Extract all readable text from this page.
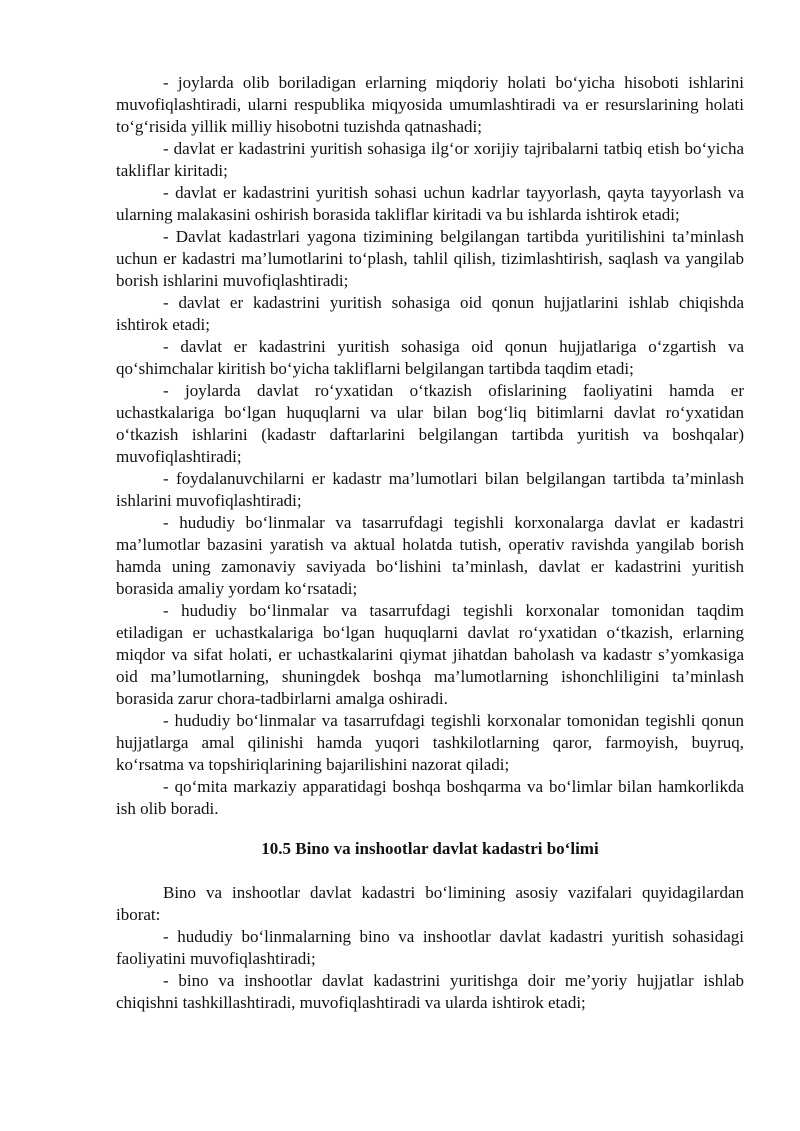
- joylarda olib boriladigan erlarning miqdoriy holati bo‘yicha hisoboti ishlarini muvofiqlashtiradi, ularni respublika miqyosida umumlashtiradi va er resurslarining holati to‘g‘risida yillik milliy hisobotni tuzishda qatnashadi;

- davlat er kadastrini yuritish sohasiga ilg‘or xorijiy tajribalarni tatbiq etish bo‘yicha takliflar kiritadi;

- davlat er kadastrini yuritish sohasi uchun kadrlar tayyorlash, qayta tayyorlash va ularning malakasini oshirish borasida takliflar kiritadi va bu ishlarda ishtirok etadi;

- Davlat kadastrlari yagona tizimining belgilangan tartibda yuritilishini ta’minlash uchun er kadastri ma’lumotlarini to‘plash, tahlil qilish, tizimlashtirish, saqlash va yangilab borish ishlarini muvofiqlashtiradi;

- davlat er kadastrini yuritish sohasiga oid qonun hujjatlarini ishlab chiqishda ishtirok etadi;

- davlat er kadastrini yuritish sohasiga oid qonun hujjatlariga o‘zgartish va qo‘shimchalar kiritish bo‘yicha takliflarni belgilangan tartibda taqdim etadi;

- joylarda davlat ro‘yxatidan o‘tkazish ofislarining faoliyatini hamda er uchastkalariga bo‘lgan huquqlarni va ular bilan bog‘liq bitimlarni davlat ro‘yxatidan o‘tkazish ishlarini (kadastr daftarlarini belgilangan tartibda yuritish va boshqalar) muvofiqlashtiradi;

- foydalanuvchilarni er kadastr ma’lumotlari bilan belgilangan tartibda ta’minlash ishlarini muvofiqlashtiradi;

- hududiy bo‘linmalar va tasarrufdagi tegishli korxonalarga davlat er kadastri ma’lumotlar bazasini yaratish va aktual holatda tutish, operativ ravishda yangilab borish hamda uning zamonaviy saviyada bo‘lishini ta’minlash, davlat er kadastrini yuritish borasida amaliy yordam ko‘rsatadi;

- hududiy bo‘linmalar va tasarrufdagi tegishli korxonalar tomonidan taqdim etiladigan er uchastkalariga bo‘lgan huquqlarni davlat ro‘yxatidan o‘tkazish, erlarning miqdor va sifat holati, er uchastkalarini qiymat jihatdan baholash va kadastr s’yomkasiga oid ma’lumotlarning, shuningdek boshqa ma’lumotlarning ishonchliligini ta’minlash borasida zarur chora-tadbirlarni amalga oshiradi.

- hududiy bo‘linmalar va tasarrufdagi tegishli korxonalar tomonidan tegishli qonun hujjatlarga amal qilinishi hamda yuqori tashkilotlarning qaror, farmoyish, buyruq, ko‘rsatma va topshiriqlarining bajarilishini nazorat qiladi;

- qo‘mita markaziy apparatidagi boshqa boshqarma va bo‘limlar bilan hamkorlikda ish olib boradi.

10.5 Bino va inshootlar davlat kadastri bo‘limi

Bino va inshootlar davlat kadastri bo‘limining asosiy vazifalari quyidagilardan iborat:

- hududiy bo‘linmalarning bino va inshootlar davlat kadastri yuritish sohasidagi faoliyatini muvofiqlashtiradi;

- bino va inshootlar davlat kadastrini yuritishga doir me’yoriy hujjatlar ishlab chiqishni tashkillashtiradi, muvofiqlashtiradi va ularda ishtirok etadi;
